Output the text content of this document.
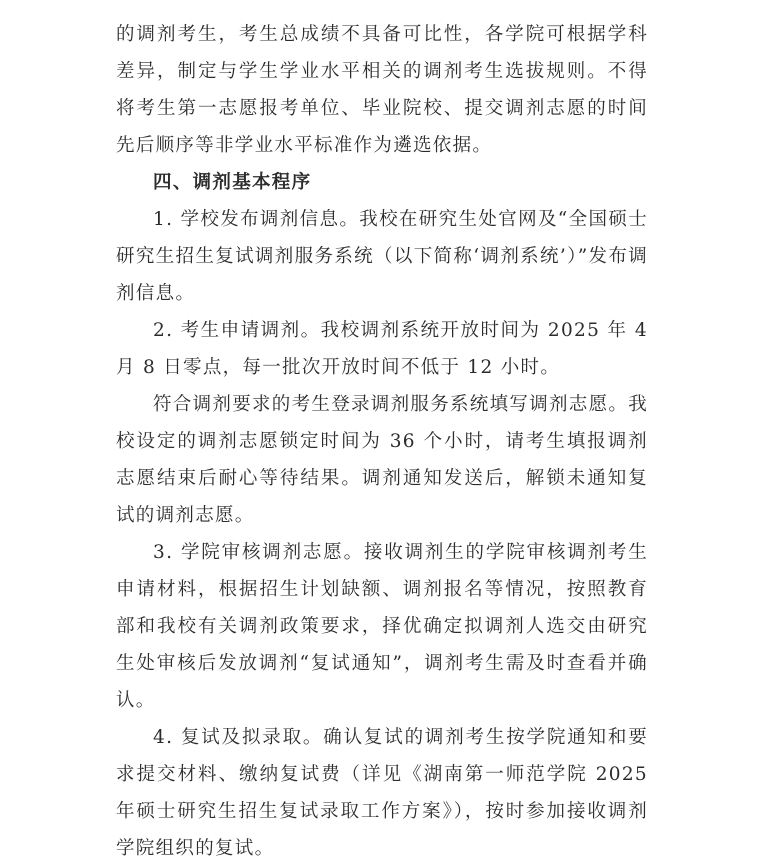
的调剂考生，考生总成绩不具备可比性，各学院可根据学科差异，制定与学生学业水平相关的调剂考生选拔规则。不得将考生第一志愿报考单位、毕业院校、提交调剂志愿的时间先后顺序等非学业水平标准作为遴选依据。

四、调剂基本程序

1. 学校发布调剂信息。我校在研究生处官网及“全国硕士研究生招生复试调剂服务系统（以下简称‘调剂系统’）”发布调剂信息。

2. 考生申请调剂。我校调剂系统开放时间为 2025 年 4 月 8 日零点，每一批次开放时间不低于 12 小时。

符合调剂要求的考生登录调剂服务系统填写调剂志愿。我校设定的调剂志愿锁定时间为 36 个小时，请考生填报调剂志愿结束后耐心等待结果。调剂通知发送后，解锁未通知复试的调剂志愿。

3. 学院审核调剂志愿。接收调剂生的学院审核调剂考生申请材料，根据招生计划缺额、调剂报名等情况，按照教育部和我校有关调剂政策要求，择优确定拟调剂人选交由研究生处审核后发放调剂“复试通知”，调剂考生需及时查看并确认。

4. 复试及拟录取。确认复试的调剂考生按学院通知和要求提交材料、缴纳复试费（详见《湖南第一师范学院 2025 年硕士研究生招生复试录取工作方案》），按时参加接收调剂学院组织的复试。
